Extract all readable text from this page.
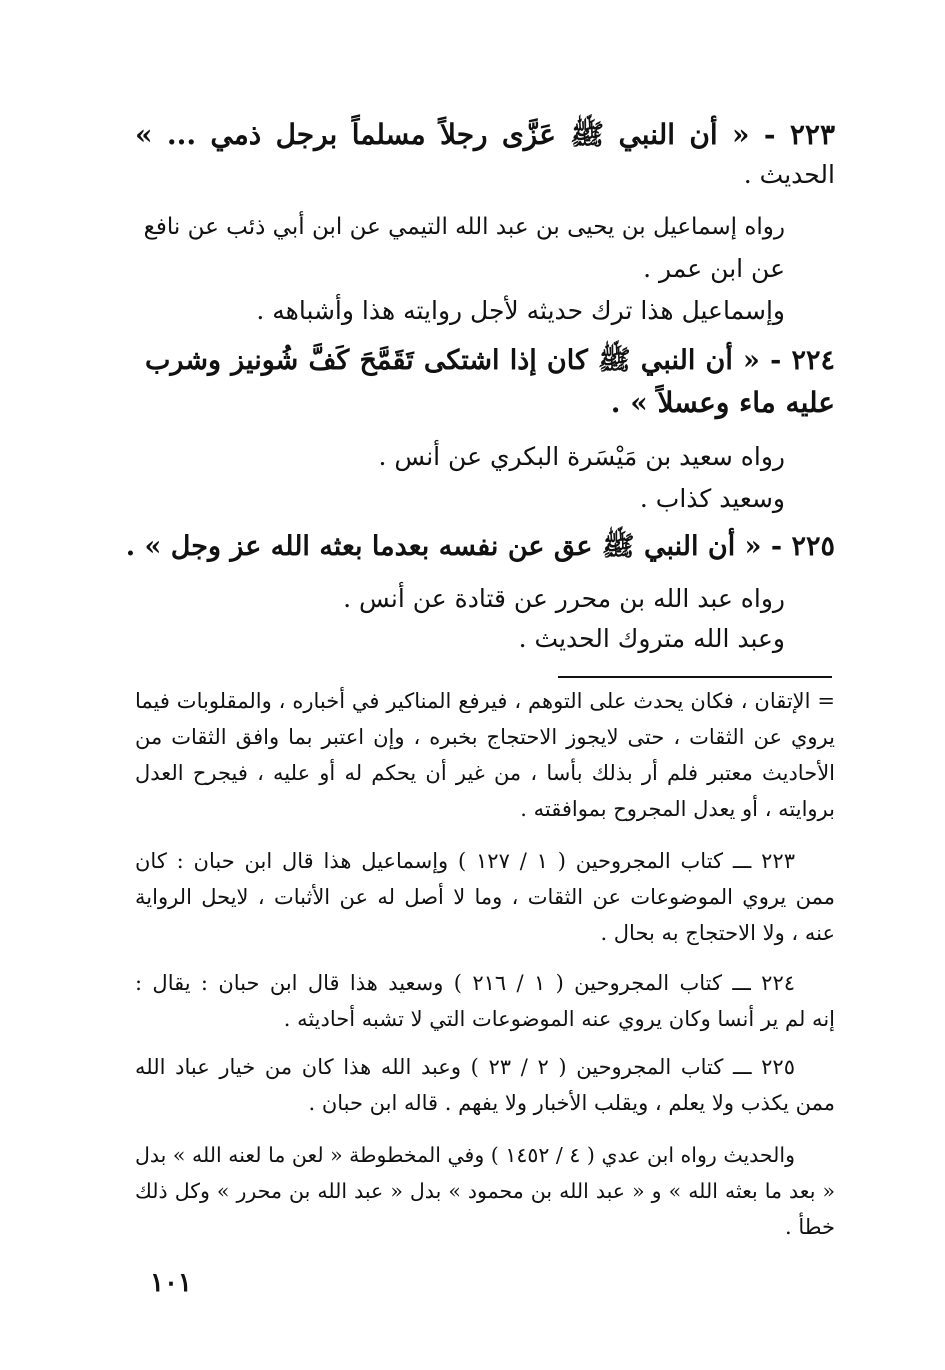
٢٢٣ - « أن النبي ﷺ عَزَّى رجلاً مسلماً برجل ذمي ... »

الحديث .

رواه إسماعيل بن يحيى بن عبد الله التيمي عن ابن أبي ذئب عن نافع

عن ابن عمر .

وإسماعيل هذا ترك حديثه لأجل روايته هذا وأشباهه .

٢٢٤ - « أن النبي ﷺ كان إذا اشتكى تَقَمَّحَ كَفَّ شُونيز وشرب

عليه ماء وعسلاً » .

رواه سعيد بن مَيْسَرة البكري عن أنس .

وسعيد كذاب .

٢٢٥ - « أن النبي ﷺ عق عن نفسه بعدما بعثه الله عز وجل » .

رواه عبد الله بن محرر عن قتادة عن أنس .

وعبد الله متروك الحديث .

= الإتقان ، فكان يحدث على التوهم ، فيرفع المناكير في أخباره ، والمقلوبات فيما

يروي عن الثقات ، حتى لايجوز الاحتجاج بخبره ، وإن اعتبر بما وافق الثقات من

الأحاديث معتبر فلم أر بذلك بأسا ، من غير أن يحكم له أو عليه ، فيجرح العدل

بروايته ، أو يعدل المجروح بموافقته .

٢٢٣ ـــ كتاب المجروحين ( ١ / ١٢٧ ) وإسماعيل هذا قال ابن حبان : كان

ممن يروي الموضوعات عن الثقات ، وما لا أصل له عن الأثبات ، لايحل الرواية

عنه ، ولا الاحتجاج به بحال .

٢٢٤ ـــ كتاب المجروحين ( ١ / ٢١٦ ) وسعيد هذا قال ابن حبان : يقال :

إنه لم ير أنسا وكان يروي عنه الموضوعات التي لا تشبه أحاديثه .

٢٢٥ ـــ كتاب المجروحين ( ٢ / ٢٣ ) وعبد الله هذا كان من خيار عباد الله

ممن يكذب ولا يعلم ، ويقلب الأخبار ولا يفهم . قاله ابن حبان .

والحديث رواه ابن عدي ( ٤ / ١٤٥٢ ) وفي المخطوطة « لعن ما لعنه الله » بدل

« بعد ما بعثه الله » و « عبد الله بن محمود » بدل « عبد الله بن محرر » وكل ذلك

خطأ .

١٠١
